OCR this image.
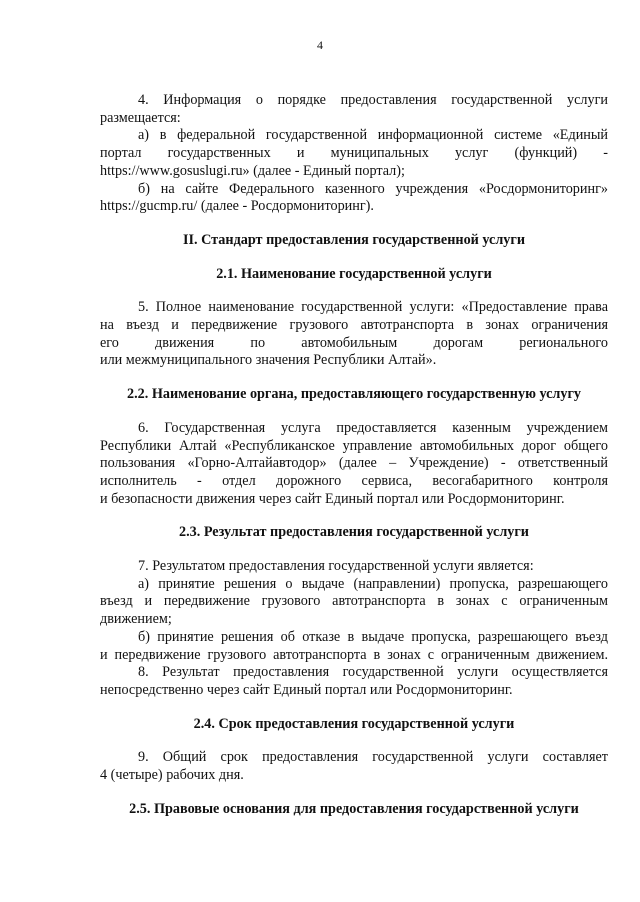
4

4. Информация о порядке предоставления государственной услуги размещается:

а) в федеральной государственной информационной системе «Единый

портал государственных и муниципальных услуг (функций) -

https://www.gosuslugi.ru» (далее - Единый портал);

б) на сайте Федерального казенного учреждения «Росдормониторинг»

https://gucmp.ru/ (далее - Росдормониторинг).

II. Стандарт предоставления государственной услуги

2.1. Наименование государственной услуги

5. Полное наименование государственной услуги: «Предоставление права

на въезд и передвижение грузового автотранспорта в зонах ограничения

его движения по автомобильным дорогам регионального

или межмуниципального значения Республики Алтай».

2.2. Наименование органа, предоставляющего государственную услугу

6. Государственная услуга предоставляется казенным учреждением

Республики Алтай «Республиканское управление автомобильных дорог общего

пользования «Горно-Алтайавтодор» (далее – Учреждение) - ответственный

исполнитель - отдел дорожного сервиса, весогабаритного контроля

и безопасности движения через сайт Единый портал или Росдормониторинг.

2.3. Результат предоставления государственной услуги

7. Результатом предоставления государственной услуги является:

а) принятие решения о выдаче (направлении) пропуска, разрешающего

въезд и передвижение грузового автотранспорта в зонах с ограниченным

движением;

б) принятие решения об отказе в выдаче пропуска, разрешающего въезд

и передвижение грузового автотранспорта в зонах с ограниченным движением.

8. Результат предоставления государственной услуги осуществляется

непосредственно через сайт Единый портал или Росдормониторинг.

2.4. Срок предоставления государственной услуги

9. Общий срок предоставления государственной услуги составляет

4 (четыре) рабочих дня.

2.5. Правовые основания для предоставления государственной услуги
